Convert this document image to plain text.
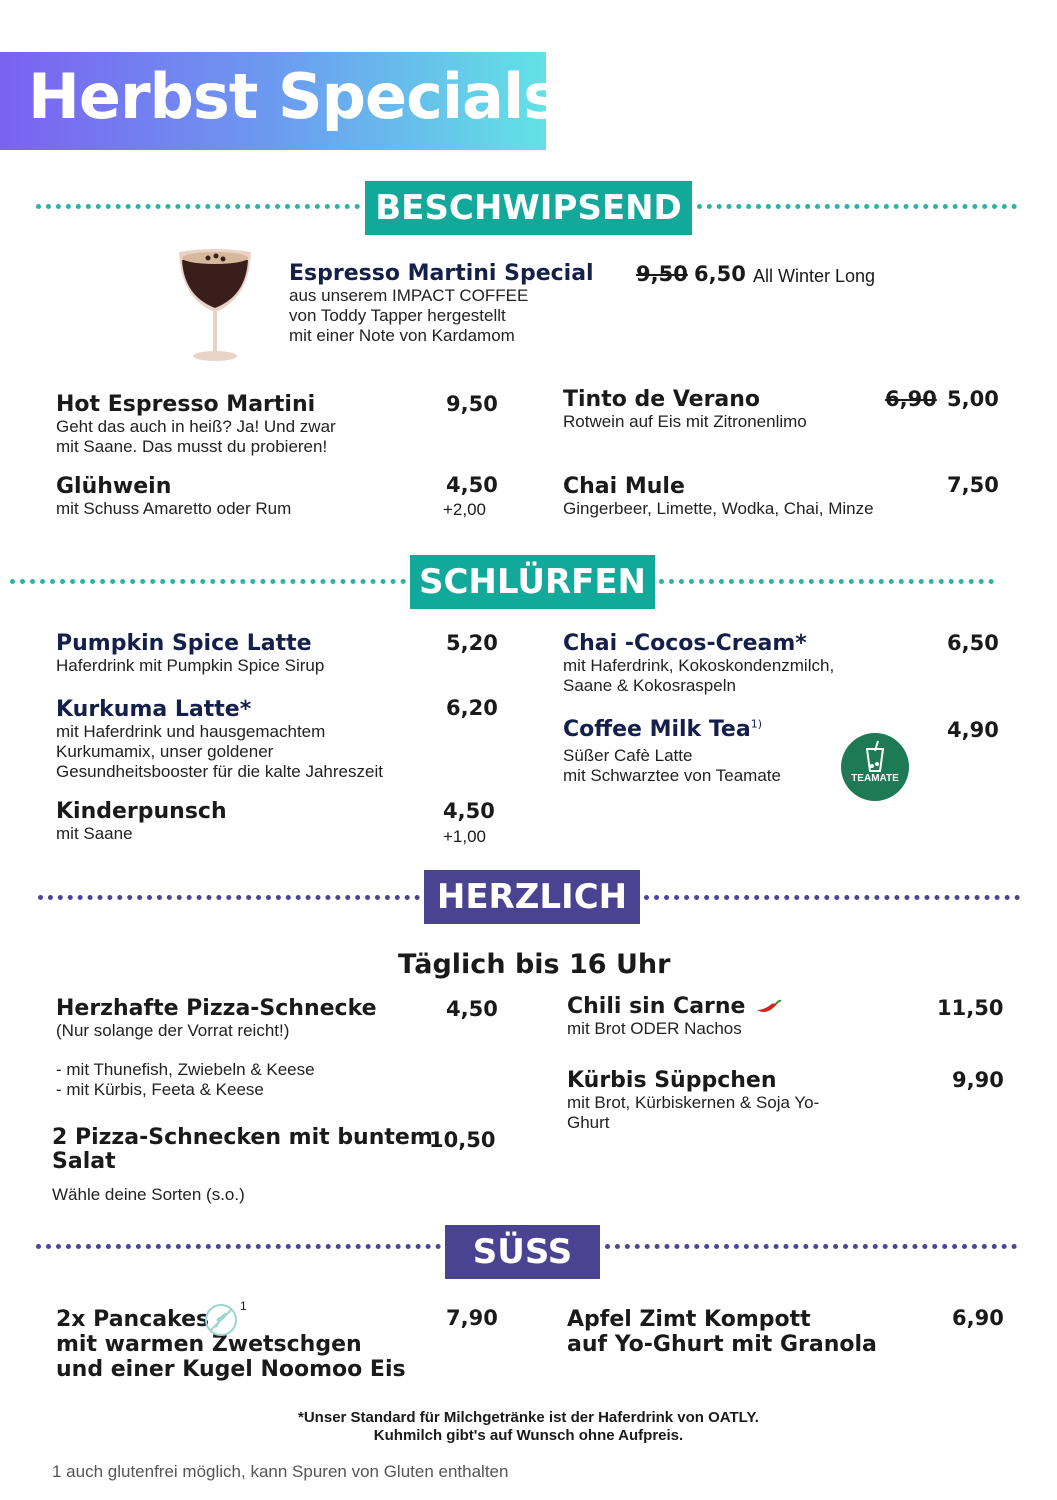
Herbst Specials
BESCHWIPSEND
Espresso Martini Special
aus unserem IMPACT COFFEE
von Toddy Tapper hergestellt
mit einer Note von Kardamom
9,50 6,50 All Winter Long
Hot Espresso Martini
Geht das auch in heiß? Ja! Und zwar
mit Saane. Das musst du probieren!
9,50
Glühwein
mit Schuss Amaretto oder Rum
4,50
+2,00
Tinto de Verano
Rotwein auf Eis mit Zitronenlimo
6,90 5,00
Chai Mule
Gingerbeer, Limette, Wodka, Chai, Minze
7,50
SCHLÜRFEN
Pumpkin Spice Latte
Haferdrink mit Pumpkin Spice Sirup
5,20
Kurkuma Latte*
mit Haferdrink und hausgemachtem
Kurkumamix, unser goldener
Gesundheitsbooster für die kalte Jahreszeit
6,20
Kinderpunsch
mit Saane
4,50
+1,00
Chai -Cocos-Cream*
mit Haferdrink, Kokoskondenzmilch,
Saane & Kokosraspeln
6,50
Coffee Milk Tea$^{1)}$
Süßer Cafè Latte
mit Schwarztee von Teamate
4,90
TEAMATE
HERZLICH
Täglich bis 16 Uhr
Herzhafte Pizza-Schnecke
(Nur solange der Vorrat reicht!)
- mit Thunefish, Zwiebeln & Keese
- mit Kürbis, Feeta & Keese
4,50
2 Pizza-Schnecken mit buntem
Salat
Wähle deine Sorten (s.o.)
10,50
Chili sin Carne
mit Brot ODER Nachos
11,50
Kürbis Süppchen
mit Brot, Kürbiskernen & Soja Yo-
Ghurt
9,90
SÜSS
2x Pancakes
mit warmen Zwetschgen
und einer Kugel Noomoo Eis
1	7,90	Apfel Zimt Kompott
auf Yo-Ghurt mit Granola
6,90
*Unser Standard für Milchgetränke ist der Haferdrink von OATLY.
Kuhmilch gibt's auf Wunsch ohne Aufpreis.
1 auch glutenfrei möglich, kann Spuren von Gluten enthalten
